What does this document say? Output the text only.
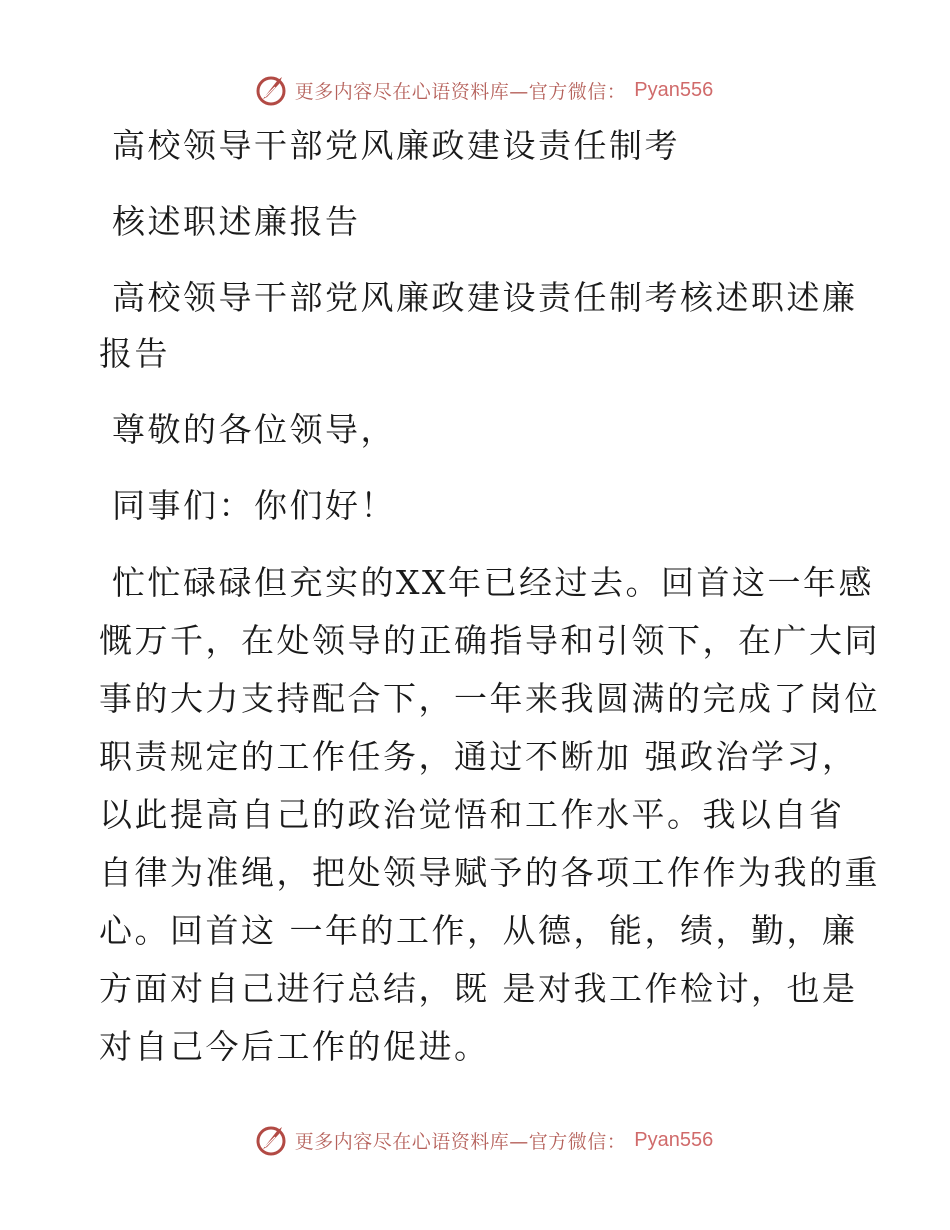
更多内容尽在心语资料库—官方微信： Pyan556

高校领导干部党风廉政建设责任制考

核述职述廉报告

高校领导干部党风廉政建设责任制考核述职述廉

报告

尊敬的各位领导，

同事们：你们好！

忙忙碌碌但充实的XX年已经过去。回首这一年感

慨万千，在处领导的正确指导和引领下，在广大同

事的大力支持配合下，一年来我圆满的完成了岗位

职责规定的工作任务，通过不断加 强政治学习，

以此提高自己的政治觉悟和工作水平。我以自省

自律为准绳，把处领导赋予的各项工作作为我的重

心。回首这 一年的工作，从德，能，绩，勤，廉

方面对自己进行总结，既 是对我工作检讨，也是

对自己今后工作的促进。

更多内容尽在心语资料库—官方微信： Pyan556
